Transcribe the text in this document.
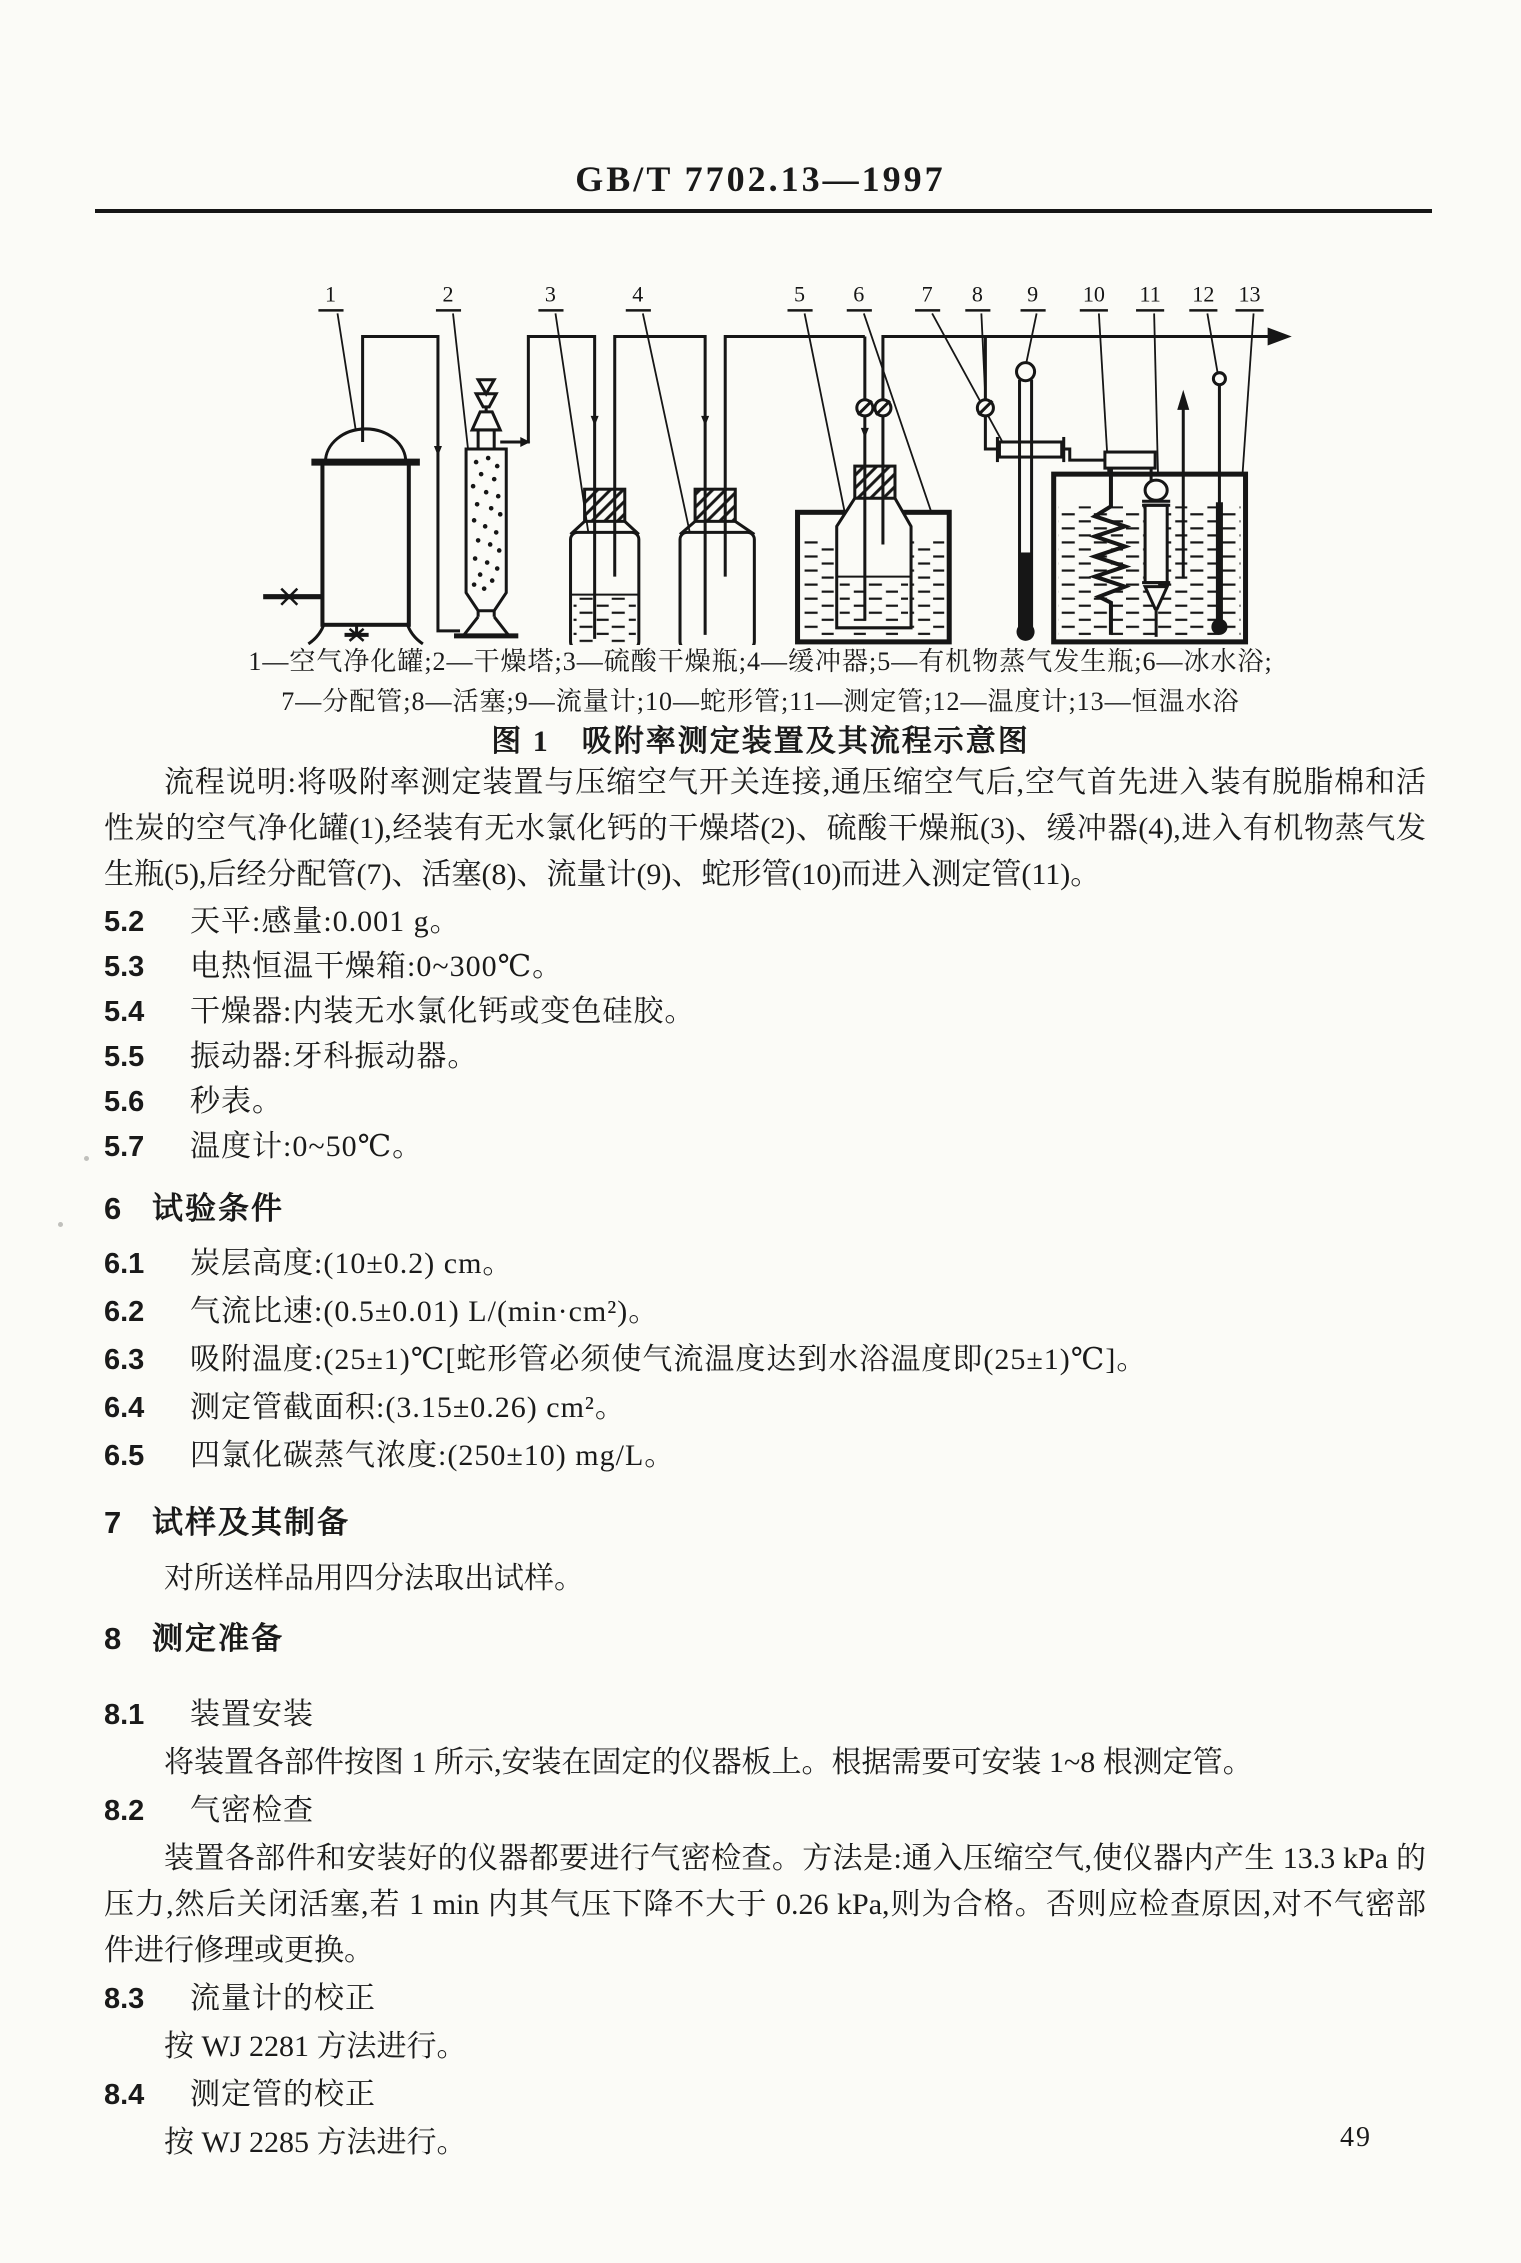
GB/T 7702.13—1997
1	2	3	4	5 6	7 8 9 10 11 12 13
1—空气净化罐;2—干燥塔;3—硫酸干燥瓶;4—缓冲器;5—有机物蒸气发生瓶;6—冰水浴;
7—分配管;8—活塞;9—流量计;10—蛇形管;11—测定管;12—温度计;13—恒温水浴
图 1　吸附率测定装置及其流程示意图
流程说明:将吸附率测定装置与压缩空气开关连接,通压缩空气后,空气首先进入装有脱脂棉和活
性炭的空气净化罐(1),经装有无水氯化钙的干燥塔(2)、硫酸干燥瓶(3)、缓冲器(4),进入有机物蒸气发
生瓶(5),后经分配管(7)、活塞(8)、流量计(9)、蛇形管(10)而进入测定管(11)。
5.2 天平:感量:0.001 g。
5.3 电热恒温干燥箱:0~300℃。
5.4 干燥器:内装无水氯化钙或变色硅胶。
5.5 振动器:牙科振动器。
5.6 秒表。
5.7 温度计:0~50℃。
6 试验条件
6.1 炭层高度:(10±0.2) cm。
6.2 气流比速:(0.5±0.01) L/(min·cm²)。
6.3 吸附温度:(25±1)℃[蛇形管必须使气流温度达到水浴温度即(25±1)℃]。
6.4 测定管截面积:(3.15±0.26) cm²。
6.5 四氯化碳蒸气浓度:(250±10) mg/L。
7 试样及其制备
对所送样品用四分法取出试样。
8 测定准备
8.1 装置安装
将装置各部件按图 1 所示,安装在固定的仪器板上。根据需要可安装 1~8 根测定管。
8.2 气密检查
装置各部件和安装好的仪器都要进行气密检查。方法是:通入压缩空气,使仪器内产生 13.3 kPa 的
压力,然后关闭活塞,若 1 min 内其气压下降不大于 0.26 kPa,则为合格。否则应检查原因,对不气密部
件进行修理或更换。
8.3 流量计的校正
按 WJ 2281 方法进行。
8.4 测定管的校正
按 WJ 2285 方法进行。	49
